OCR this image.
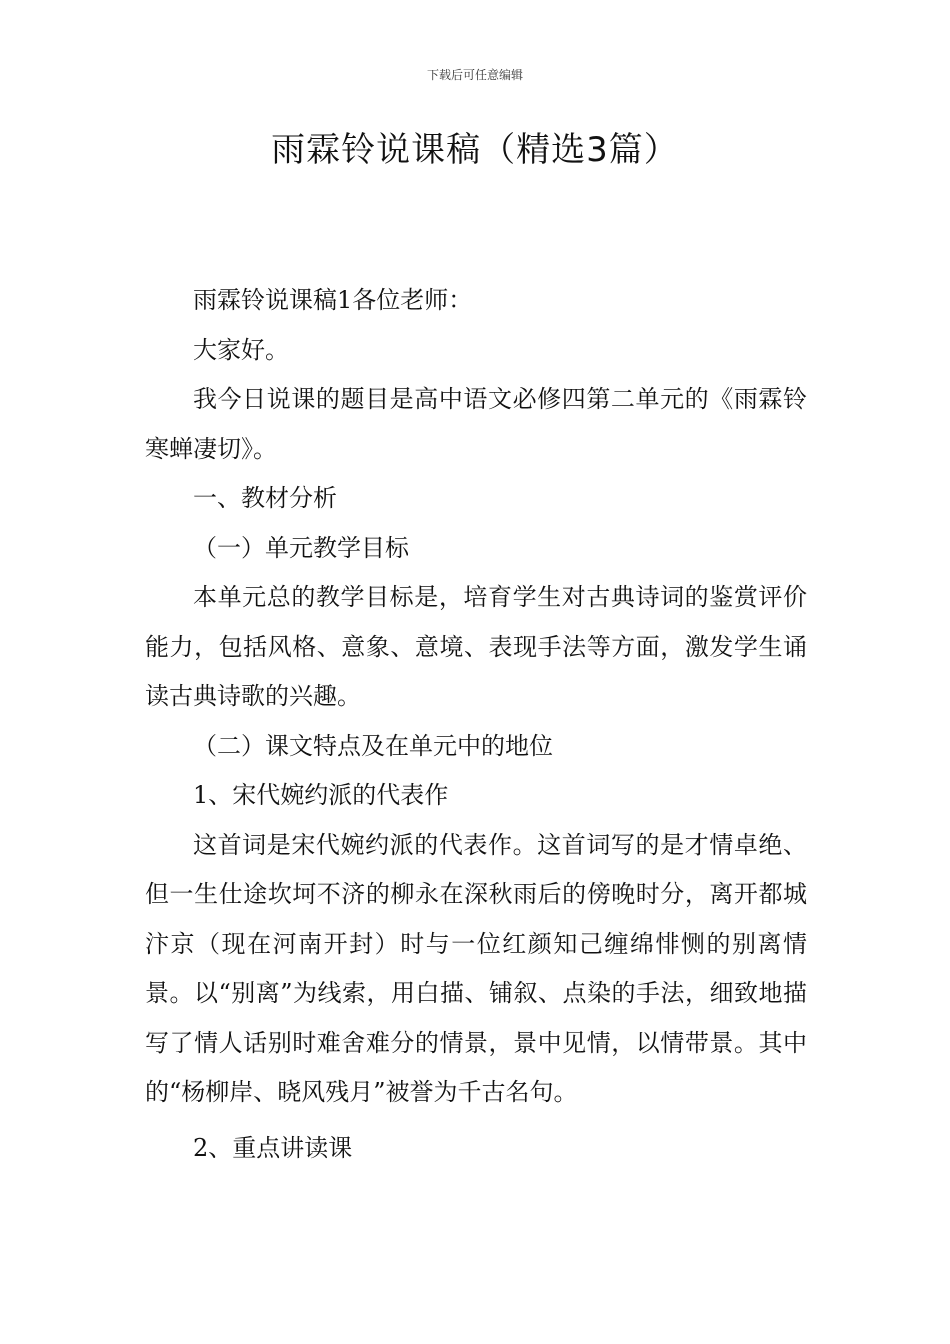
下载后可任意编辑
雨霖铃说课稿（精选3篇）

雨霖铃说课稿1各位老师：

大家好。

我今日说课的题目是高中语文必修四第二单元的《雨霖铃寒蝉凄切》。

一、教材分析

（一）单元教学目标

本单元总的教学目标是，培育学生对古典诗词的鉴赏评价能力，包括风格、意象、意境、表现手法等方面，激发学生诵读古典诗歌的兴趣。

（二）课文特点及在单元中的地位

1、宋代婉约派的代表作

这首词是宋代婉约派的代表作。这首词写的是才情卓绝、但一生仕途坎坷不济的柳永在深秋雨后的傍晚时分，离开都城汴京（现在河南开封）时与一位红颜知己缠绵悱恻的别离情景。以“别离”为线索，用白描、铺叙、点染的手法，细致地描写了情人话别时难舍难分的情景，景中见情，以情带景。其中的“杨柳岸、晓风残月”被誉为千古名句。

2、重点讲读课
